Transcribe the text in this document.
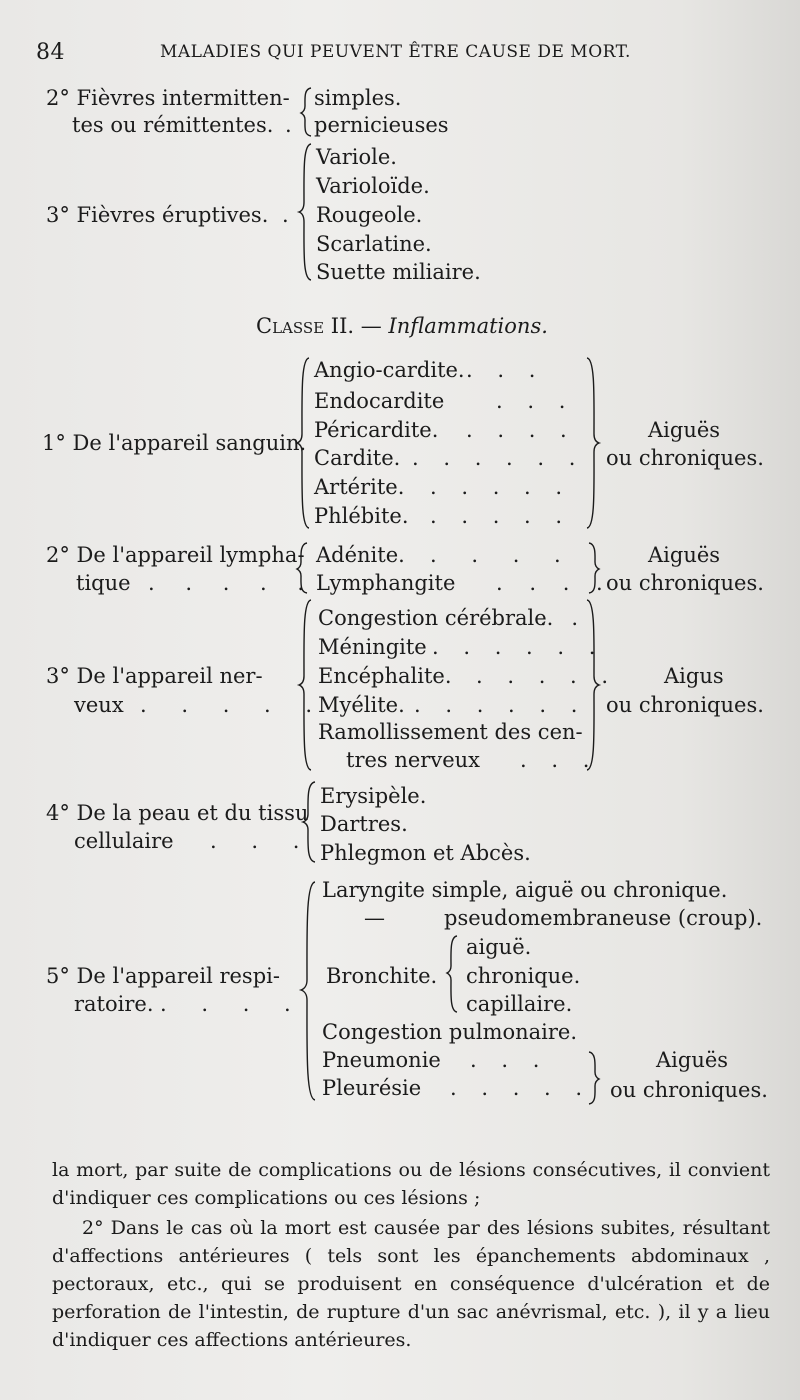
84	MALADIES QUI PEUVENT ÊTRE CAUSE DE MORT.
2° Fièvres intermitten-
tes ou rémittentes. .
simples.
pernicieuses
3° Fièvres éruptives. .
Variole.
Varioloïde.
Rougeole.
Scarlatine.
Suette miliaire.
Classe II. — Inflammations.
1° De l'appareil sanguin.
Angio-cardite.
Endocardite
Péricardite.
Cardite.
Artérite.
Phlébite.
. . .
. . .
. . . .
. . . . . .
. . . . .
. . . . .
Aiguës
ou chroniques.
2° De l'appareil lympha-
tique . . . . .
Adénite.
Lymphangite
. . . .
. . . .
Aiguës
ou chroniques.
3° De l'appareil ner-
veux . . . . .
Congestion cérébrale.
Méningite
Encéphalite.
Myélite.
Ramollissement des cen-
tres nerveux
. .
. . . . . .
. . . . .
. . . . . .
. . .
Aigus
ou chroniques.
4° De la peau et du tissu
cellulaire . . .
Erysipèle.
Dartres.
Phlegmon et Abcès.
5° De l'appareil respi-
ratoire. . . . .
Laryngite simple, aiguë ou chronique.
—	pseudomembraneuse (croup).
Bronchite.
aiguë.
chronique.
capillaire.
Congestion pulmonaire.
Pneumonie
Pleurésie
. . .
. . . . .
Aiguës
ou chroniques.

la mort, par suite de complications ou de lésions consécutives, il convient d'indiquer ces complications ou ces lésions ;

2° Dans le cas où la mort est causée par des lésions subites, résultant d'affections antérieures ( tels sont les épanchements abdominaux , pectoraux, etc., qui se produisent en conséquence d'ulcération et de perforation de l'intestin, de rupture d'un sac anévrismal, etc. ), il y a lieu d'indiquer ces affections antérieures.
